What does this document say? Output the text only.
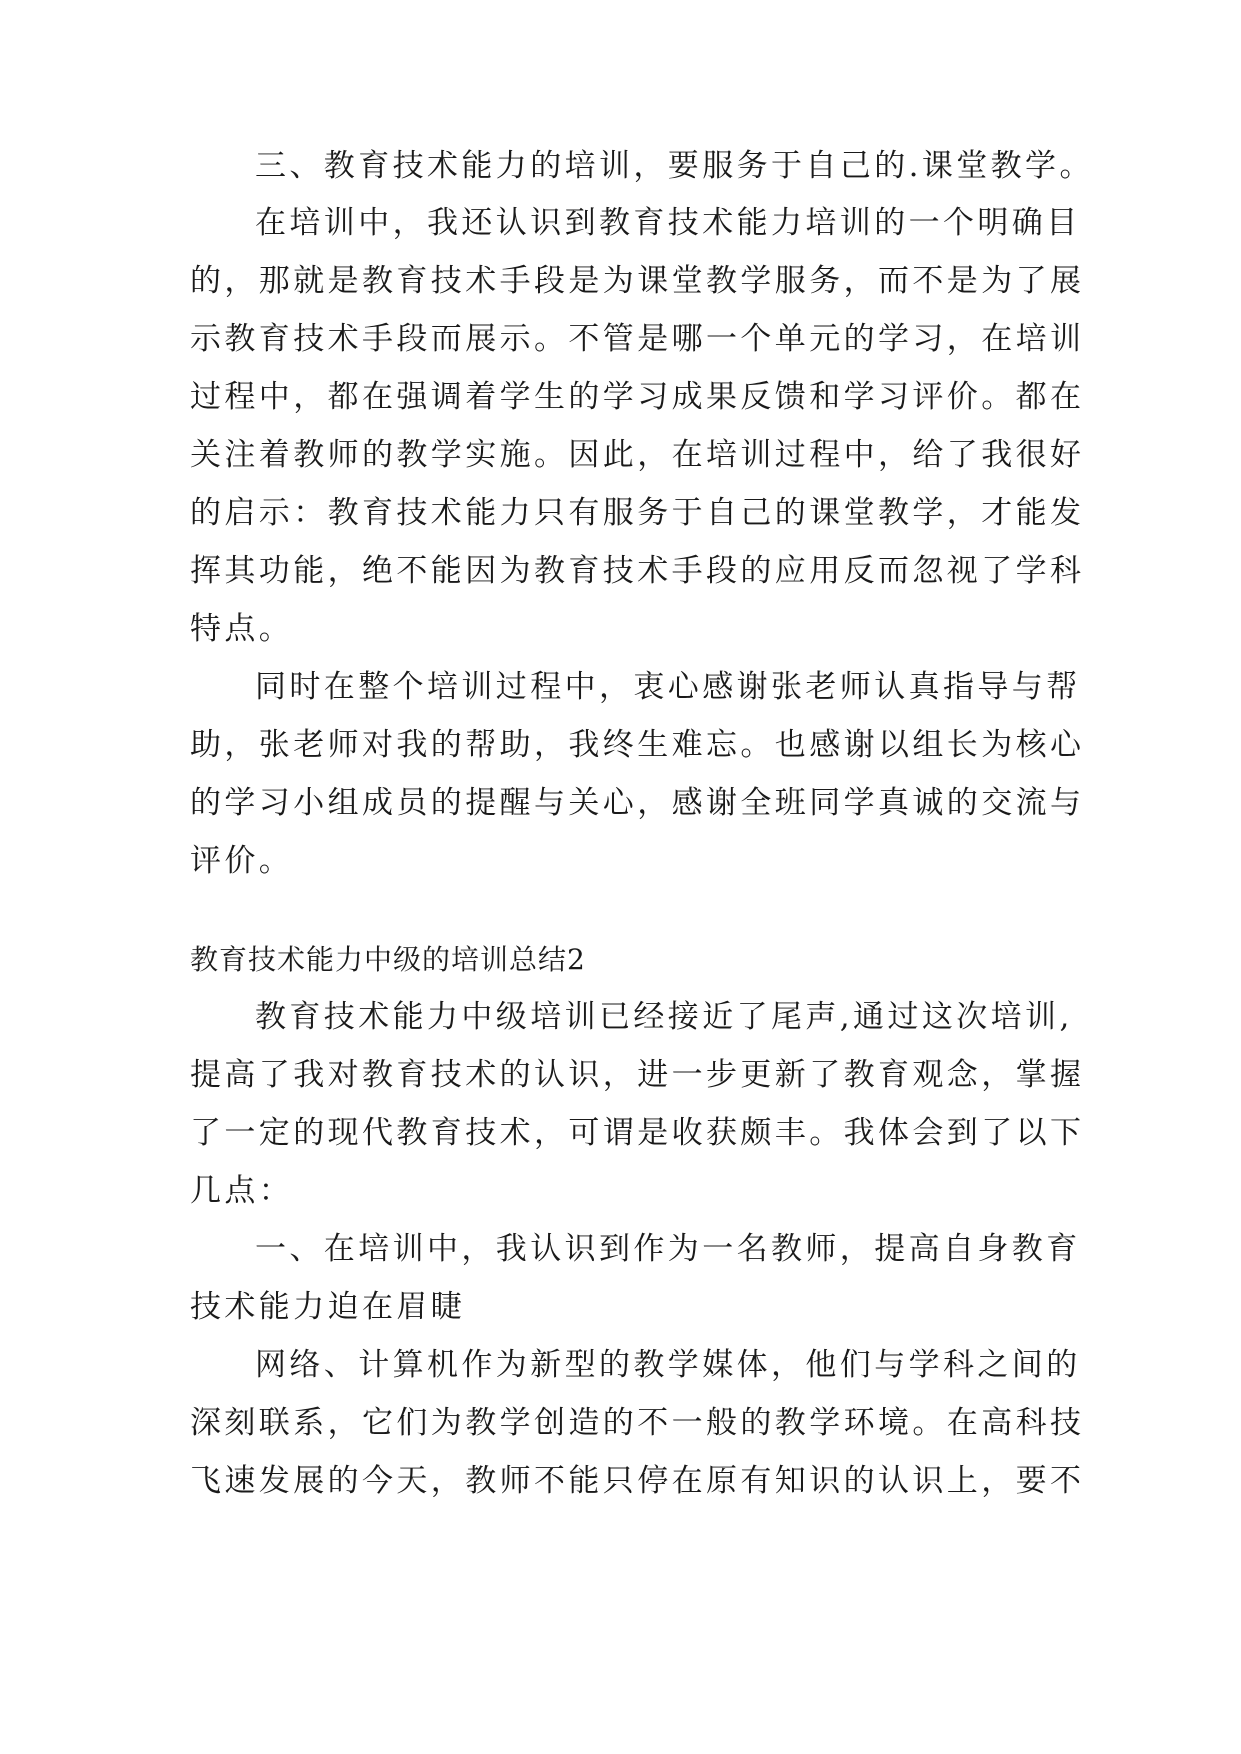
三、教育技术能力的培训，要服务于自己的.课堂教学。
在培训中，我还认识到教育技术能力培训的一个明确目
的，那就是教育技术手段是为课堂教学服务，而不是为了展
示教育技术手段而展示。不管是哪一个单元的学习，在培训
过程中，都在强调着学生的学习成果反馈和学习评价。都在
关注着教师的教学实施。因此，在培训过程中，给了我很好
的启示：教育技术能力只有服务于自己的课堂教学，才能发
挥其功能，绝不能因为教育技术手段的应用反而忽视了学科
特点。
同时在整个培训过程中，衷心感谢张老师认真指导与帮
助，张老师对我的帮助，我终生难忘。也感谢以组长为核心
的学习小组成员的提醒与关心，感谢全班同学真诚的交流与
评价。
教育技术能力中级的培训总结2
教育技术能力中级培训已经接近了尾声,通过这次培训,
提高了我对教育技术的认识，进一步更新了教育观念，掌握
了一定的现代教育技术，可谓是收获颇丰。我体会到了以下
几点：
一、在培训中，我认识到作为一名教师，提高自身教育
技术能力迫在眉睫
网络、计算机作为新型的教学媒体，他们与学科之间的
深刻联系，它们为教学创造的不一般的教学环境。在高科技
飞速发展的今天，教师不能只停在原有知识的认识上，要不
